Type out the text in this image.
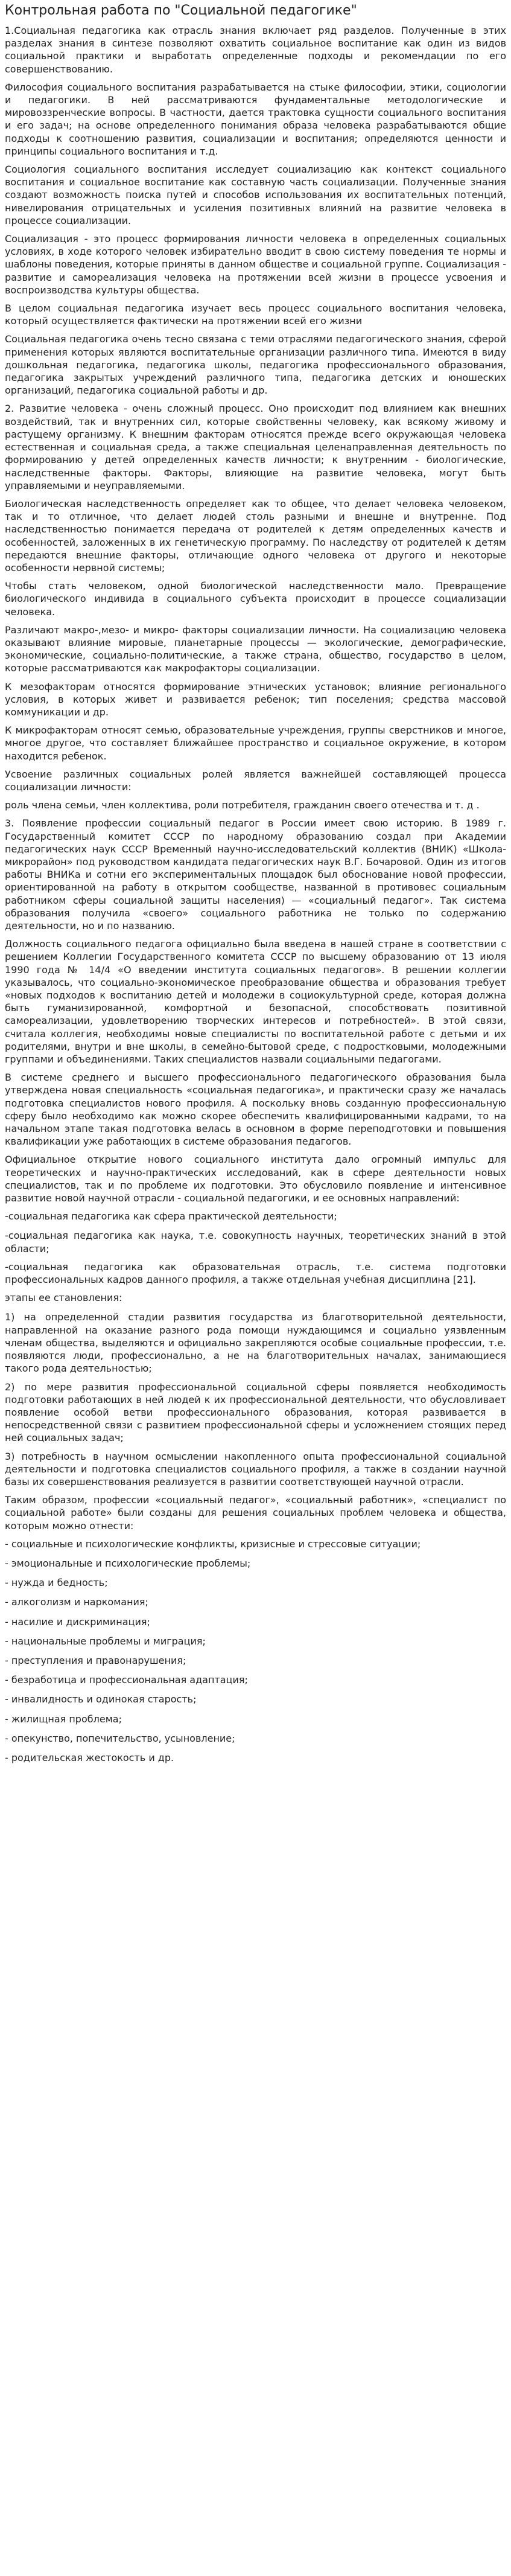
Контрольная работа по "Социальной педагогике"

1.Социальная педагогика как отрасль знания включает ряд разделов. Полученные в этих разделах знания в синтезе позволяют охватить социальное воспитание как один из видов социальной практики и выработать определенные подходы и рекомендации по его совершенствованию.

Философия социального воспитания разрабатывается на стыке философии, этики, социологии и педагогики. В ней рассматриваются фундаментальные методологические и мировоззренческие вопросы. В частности, дается трактовка сущности социального воспитания и его задач; на основе определенного понимания образа человека разрабатываются общие подходы к соотношению развития, социализации и воспитания; определяются ценности и принципы социального воспитания и т.д.

Социология социального воспитания исследует социализацию как контекст социального воспитания и социальное воспитание как составную часть социализации. Полученные знания создают возможность поиска путей и способов использования их воспитательных потенций, нивелирования отрицательных и усиления позитивных влияний на развитие человека в процессе социализации.

Социализация - это процесс формирования личности человека в определенных социальных условиях, в ходе которого человек избирательно вводит в свою систему поведения те нормы и шаблоны поведения, которые приняты в данном обществе и социальной группе. Социализация - развитие и самореализация человека на протяжении всей жизни в процессе усвоения и воспроизводства культуры общества.

В целом социальная педагогика изучает весь процесс социального воспитания человека, который осуществляется фактически на протяжении всей его жизни

Социальная педагогика очень тесно связана с теми отраслями педагогического знания, сферой применения которых являются воспитательные организации различного типа. Имеются в виду дошкольная педагогика, педагогика школы, педагогика профессионального образования, педагогика закрытых учреждений различного типа, педагогика детских и юношеских организаций, педагогика социальной работы и др.

2. Развитие человека - очень сложный процесс. Оно происходит под влиянием как внешних воздействий, так и внутренних сил, которые свойственны человеку, как всякому живому и растущему организму. К внешним факторам относятся прежде всего окружающая человека естественная и социальная среда, а также специальная целенаправленная деятельность по формированию у детей определенных качеств личности; к внутренним - биологические, наследственные факторы. Факторы, влияющие на развитие человека, могут быть управляемыми и неуправляемыми.

Биологическая наследственность определяет как то общее, что делает человека человеком, так и то отличное, что делает людей столь разными и внешне и внутренне. Под наследственностью понимается передача от родителей к детям определенных качеств и особенностей, заложенных в их генетическую программу. По наследству от родителей к детям передаются внешние факторы, отличающие одного человека от другого и некоторые особенности нервной системы;

Чтобы стать человеком, одной биологической наследственности мало. Превращение биологического индивида в социального субъекта происходит в процессе социализации человека.

Различают макро-,мезо- и микро- факторы социализации личности. На социализацию человека оказывают влияние мировые, планетарные процессы — экологические, демографические, экономические, социально-политические, а также страна, общество, государство в целом, которые рассматриваются как макрофакторы социализации.

К мезофакторам относятся формирование этнических установок; влияние регионального условия, в которых живет и развивается ребенок; тип поселения; средства массовой коммуникации и др.

К микрофакторам относят семью, образовательные учреждения, группы сверстников и многое, многое другое, что составляет ближайшее пространство и социальное окружение, в котором находится ребенок.

Усвоение различных социальных ролей является важнейшей составляющей процесса социализации личности:

роль члена семьи, член коллектива, роли потребителя, гражданин своего отечества и т. д .

3. Появление профессии социальный педагог в России имеет свою историю. В 1989 г. Государственный комитет СССР по народному образованию создал при Академии педагогических наук СССР Временный научно-исследовательский коллектив (ВНИК) «Школа-микрорайон» под руководством кандидата педагогических наук В.Г. Бочаровой. Один из итогов работы ВНИКа и сотни его экспериментальных площадок был обоснование новой профессии, ориентированной на работу в открытом сообществе, названной в противовес социальным работником сферы социальной защиты населения) — «социальный педагог». Так система образования получила «своего» социального работника не только по содержанию деятельности, но и по названию.

Должность социального педагога официально была введена в нашей стране в соответствии с решением Коллегии Государственного комитета СССР по высшему образованию от 13 июля 1990 года № 14/4 «О введении института социальных педагогов». В решении коллегии указывалось, что социально-экономическое преобразование общества и образования требует «новых подходов к воспитанию детей и молодежи в социокультурной среде, которая должна быть гуманизированной, комфортной и безопасной, способствовать позитивной самореализации, удовлетворению творческих интересов и потребностей». В этой связи, считала коллегия, необходимы новые специалисты по воспитательной работе с детьми и их родителями, внутри и вне школы, в семейно-бытовой среде, с подростковыми, молодежными группами и объединениями. Таких специалистов назвали социальными педагогами.

В системе среднего и высшего профессионального педагогического образования была утверждена новая специальность «социальная педагогика», и практически сразу же началась подготовка специалистов нового профиля. А поскольку вновь созданную профессиональную сферу было необходимо как можно скорее обеспечить квалифицированными кадрами, то на начальном этапе такая подготовка велась в основном в форме переподготовки и повышения квалификации уже работающих в системе образования педагогов.

Официальное открытие нового социального института дало огромный импульс для теоретических и научно-практических исследований, как в сфере деятельности новых специалистов, так и по проблеме их подготовки. Это обусловило появление и интенсивное развитие новой научной отрасли - социальной педагогики, и ее основных направлений:

-социальная педагогика как сфера практической деятельности;

-социальная педагогика как наука, т.е. совокупность научных, теоретических знаний в этой области;

-социальная педагогика как образовательная отрасль, т.е. система подготовки профессиональных кадров данного профиля, а также отдельная учебная дисциплина [21].

этапы ее становления:

1) на определенной стадии развития государства из благотворительной деятельности, направленной на оказание разного рода помощи нуждающимся и социально уязвленным членам общества, выделяются и официально закрепляются особые социальные профессии, т.е. появляются люди, профессионально, а не на благотворительных началах, занимающиеся такого рода деятельностью;

2) по мере развития профессиональной социальной сферы появляется необходимость подготовки работающих в ней людей к их профессиональной деятельности, что обусловливает появление особой ветви профессионального образования, которая развивается в непосредственной связи с развитием профессиональной сферы и усложнением стоящих перед ней социальных задач;

3) потребность в научном осмыслении накопленного опыта профессиональной социальной деятельности и подготовка специалистов социального профиля, а также в создании научной базы их совершенствования реализуется в развитии соответствующей научной отрасли.

Таким образом, профессии «социальный педагог», «социальный работник», «специалист по социальной работе» были созданы для решения социальных проблем человека и общества, которым можно отнести:

- социальные и психологические конфликты, кризисные и стрессовые ситуации;

- эмоциональные и психологические проблемы;

- нужда и бедность;

- алкоголизм и наркомания;

- насилие и дискриминация;

- национальные проблемы и миграция;

- преступления и правонарушения;

- безработица и профессиональная адаптация;

- инвалидность и одинокая старость;

- жилищная проблема;

- опекунство, попечительство, усыновление;

- родительская жестокость и др.
